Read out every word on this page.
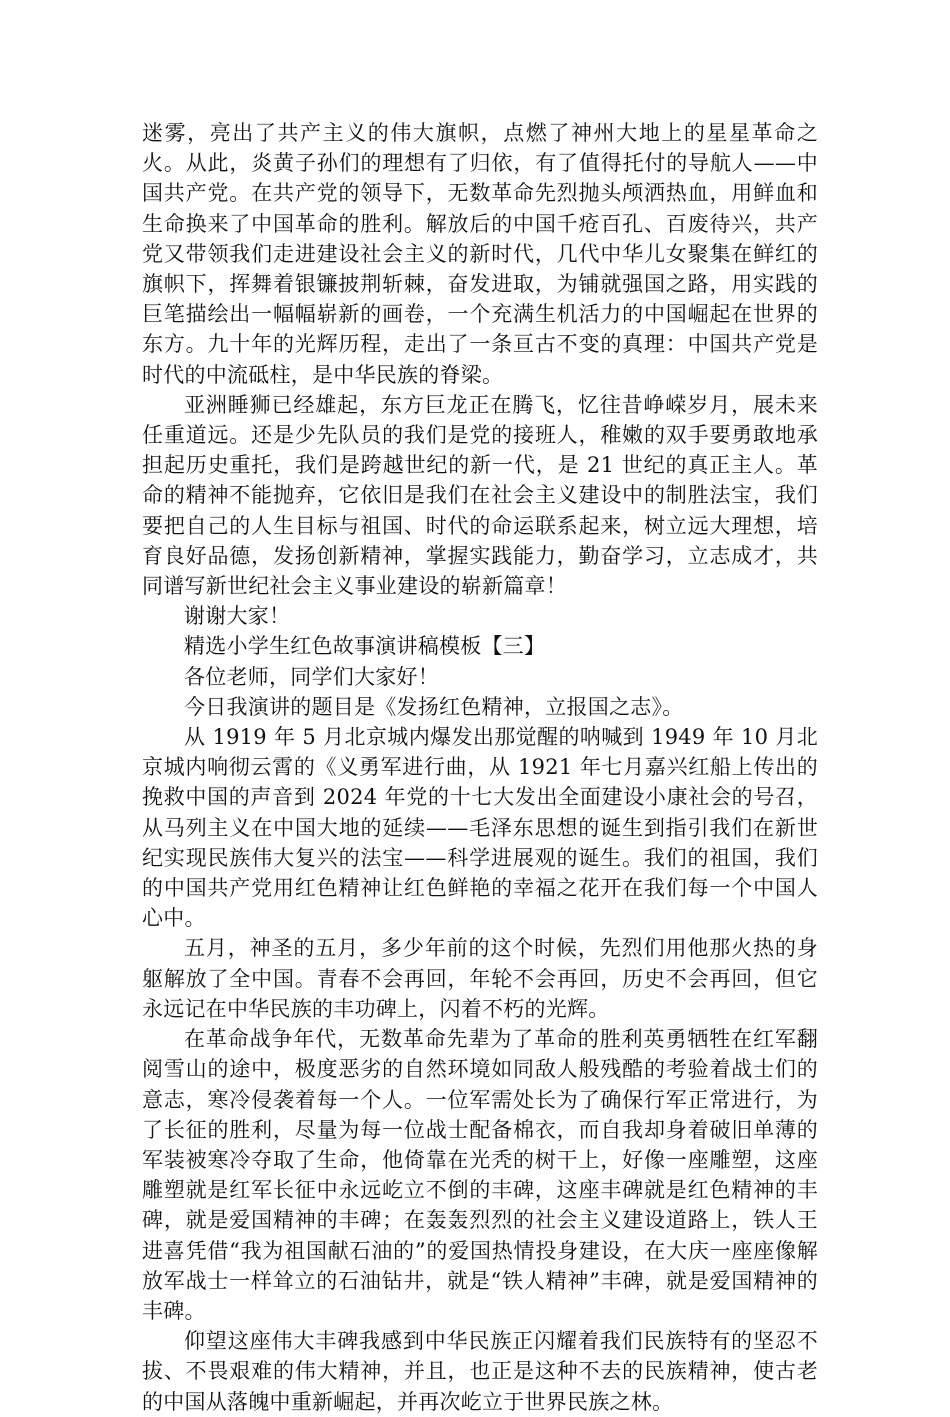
迷雾，亮出了共产主义的伟大旗帜，点燃了神州大地上的星星革命之火。从此，炎黄子孙们的理想有了归依，有了值得托付的导航人——中国共产党。在共产党的领导下，无数革命先烈抛头颅洒热血，用鲜血和生命换来了中国革命的胜利。解放后的中国千疮百孔、百废待兴，共产党又带领我们走进建设社会主义的新时代，几代中华儿女聚集在鲜红的旗帜下，挥舞着银镰披荆斩棘，奋发进取，为铺就强国之路，用实践的巨笔描绘出一幅幅崭新的画卷，一个充满生机活力的中国崛起在世界的东方。九十年的光辉历程，走出了一条亘古不变的真理：中国共产党是时代的中流砥柱，是中华民族的脊梁。

亚洲睡狮已经雄起，东方巨龙正在腾飞，忆往昔峥嵘岁月，展未来任重道远。还是少先队员的我们是党的接班人，稚嫩的双手要勇敢地承担起历史重托，我们是跨越世纪的新一代，是 21 世纪的真正主人。革命的精神不能抛弃，它依旧是我们在社会主义建设中的制胜法宝，我们要把自己的人生目标与祖国、时代的命运联系起来，树立远大理想，培育良好品德，发扬创新精神，掌握实践能力，勤奋学习，立志成才，共同谱写新世纪社会主义事业建设的崭新篇章！

谢谢大家！

精选小学生红色故事演讲稿模板【三】

各位老师，同学们大家好！

今日我演讲的题目是《发扬红色精神，立报国之志》。

从 1919 年 5 月北京城内爆发出那觉醒的呐喊到 1949 年 10 月北京城内响彻云霄的《义勇军进行曲，从 1921 年七月嘉兴红船上传出的挽救中国的声音到 2024 年党的十七大发出全面建设小康社会的号召，从马列主义在中国大地的延续——毛泽东思想的诞生到指引我们在新世纪实现民族伟大复兴的法宝——科学进展观的诞生。我们的祖国，我们的中国共产党用红色精神让红色鲜艳的幸福之花开在我们每一个中国人心中。

五月，神圣的五月，多少年前的这个时候，先烈们用他那火热的身躯解放了全中国。青春不会再回，年轮不会再回，历史不会再回，但它永远记在中华民族的丰功碑上，闪着不朽的光辉。

在革命战争年代，无数革命先辈为了革命的胜利英勇牺牲在红军翻阅雪山的途中，极度恶劣的自然环境如同敌人般残酷的考验着战士们的意志，寒冷侵袭着每一个人。一位军需处长为了确保行军正常进行，为了长征的胜利，尽量为每一位战士配备棉衣，而自我却身着破旧单薄的军装被寒冷夺取了生命，他倚靠在光秃的树干上，好像一座雕塑，这座雕塑就是红军长征中永远屹立不倒的丰碑，这座丰碑就是红色精神的丰碑，就是爱国精神的丰碑；在轰轰烈烈的社会主义建设道路上，铁人王进喜凭借“我为祖国献石油的”的爱国热情投身建设，在大庆一座座像解放军战士一样耸立的石油钻井，就是“铁人精神”丰碑，就是爱国精神的丰碑。

仰望这座伟大丰碑我感到中华民族正闪耀着我们民族特有的坚忍不拔、不畏艰难的伟大精神，并且，也正是这种不去的民族精神，使古老的中国从落魄中重新崛起，并再次屹立于世界民族之林。
